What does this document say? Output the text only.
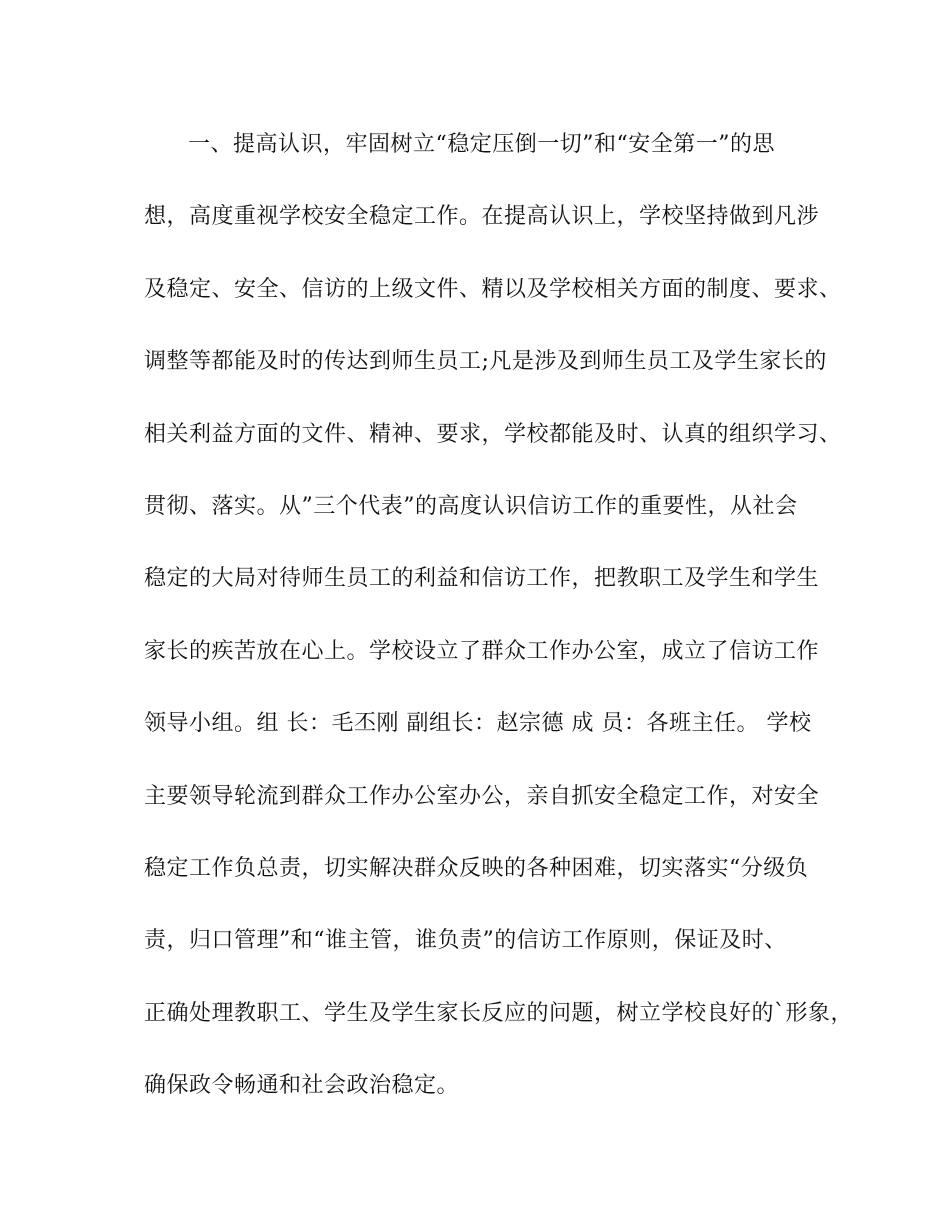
一、提高认识，牢固树立“稳定压倒一切”和“安全第一”的思
想，高度重视学校安全稳定工作。在提高认识上，学校坚持做到凡涉
及稳定、安全、信访的上级文件、精以及学校相关方面的制度、要求、
调整等都能及时的传达到师生员工;凡是涉及到师生员工及学生家长的
相关利益方面的文件、精神、要求，学校都能及时、认真的组织学习、
贯彻、落实。从”三个代表”的高度认识信访工作的重要性，从社会
稳定的大局对待师生员工的利益和信访工作，把教职工及学生和学生
家长的疾苦放在心上。学校设立了群众工作办公室，成立了信访工作
领导小组。组 长：毛丕刚 副组长：赵宗德 成 员：各班主任。 学校
主要领导轮流到群众工作办公室办公，亲自抓安全稳定工作，对安全
稳定工作负总责，切实解决群众反映的各种困难，切实落实“分级负
责，归口管理”和“谁主管，谁负责”的信访工作原则，保证及时、
正确处理教职工、学生及学生家长反应的问题，树立学校良好的`形象，
确保政令畅通和社会政治稳定。
